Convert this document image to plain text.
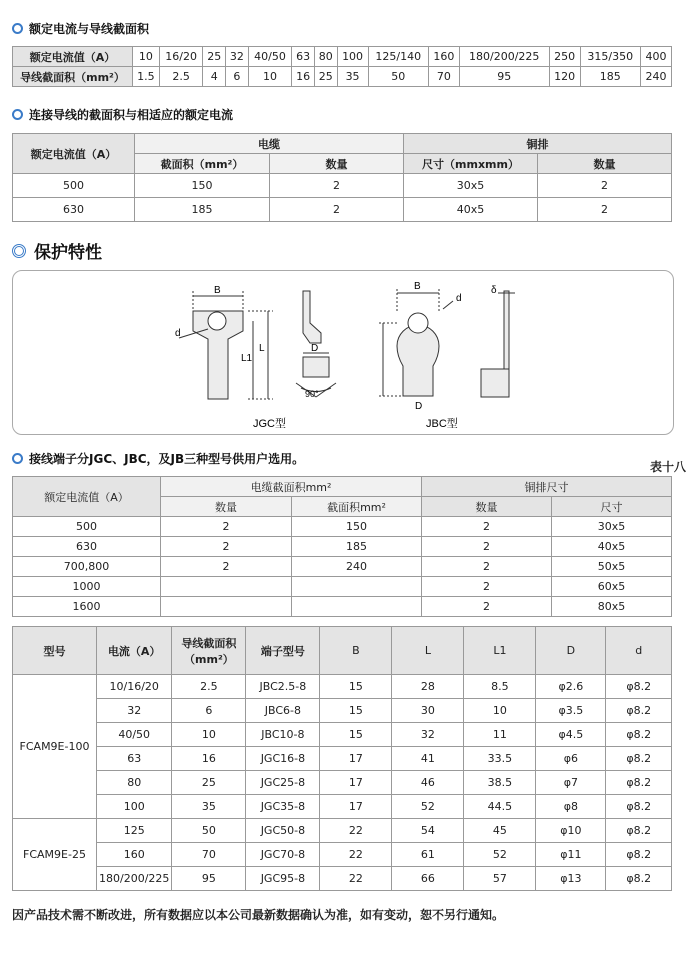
额定电流与导线截面积
额定电流值（A）	10	16/20	25	32	40/50	63	80	100	125/140	160	180/200/225	250	315/350	400
导线截面积（mm²）	1.5	2.5	4	6	10	16	25	35	50	70	95	120	185	240
连接导线的截面积与相适应的额定电流
额定电流值（A）	电缆		铜排	
	截面积（mm²）	数量	尺寸（mmxmm）	数量
500	150	2	30x5	2
630	185	2	40x5	2
保护特性
B
d
L1
L	D
90°
JGC型
B
d
D
δ
JBC型
接线端子分JGC、JBC，及JB三种型号供用户选用。
表十八
额定电流值（A）	电缆截面积mm²		铜排尺寸	
	数量	截面积mm²	数量	尺寸
500	2	150	2	30x5
630	2	185	2	40x5
700,800	2	240	2	50x5
1000			2	60x5
1600			2	80x5
型号	电流（A）	导线截面积（mm²）	端子型号	B	L	L1	D	d
FCAM9E-100	10/16/20	2.5	JBC2.5-8	15	28	8.5	φ2.6	φ8.2
	32	6	JBC6-8	15	30	10	φ3.5	φ8.2
	40/50	10	JBC10-8	15	32	11	φ4.5	φ8.2
	63	16	JGC16-8	17	41	33.5	φ6	φ8.2
	80	25	JGC25-8	17	46	38.5	φ7	φ8.2
	100	35	JGC35-8	17	52	44.5	φ8	φ8.2
FCAM9E-25	125	50	JGC50-8	22	54	45	φ10	φ8.2
	160	70	JGC70-8	22	61	52	φ11	φ8.2
	180/200/225	95	JGC95-8	22	66	57	φ13	φ8.2
因产品技术需不断改进，所有数据应以本公司最新数据确认为准，如有变动，恕不另行通知。
